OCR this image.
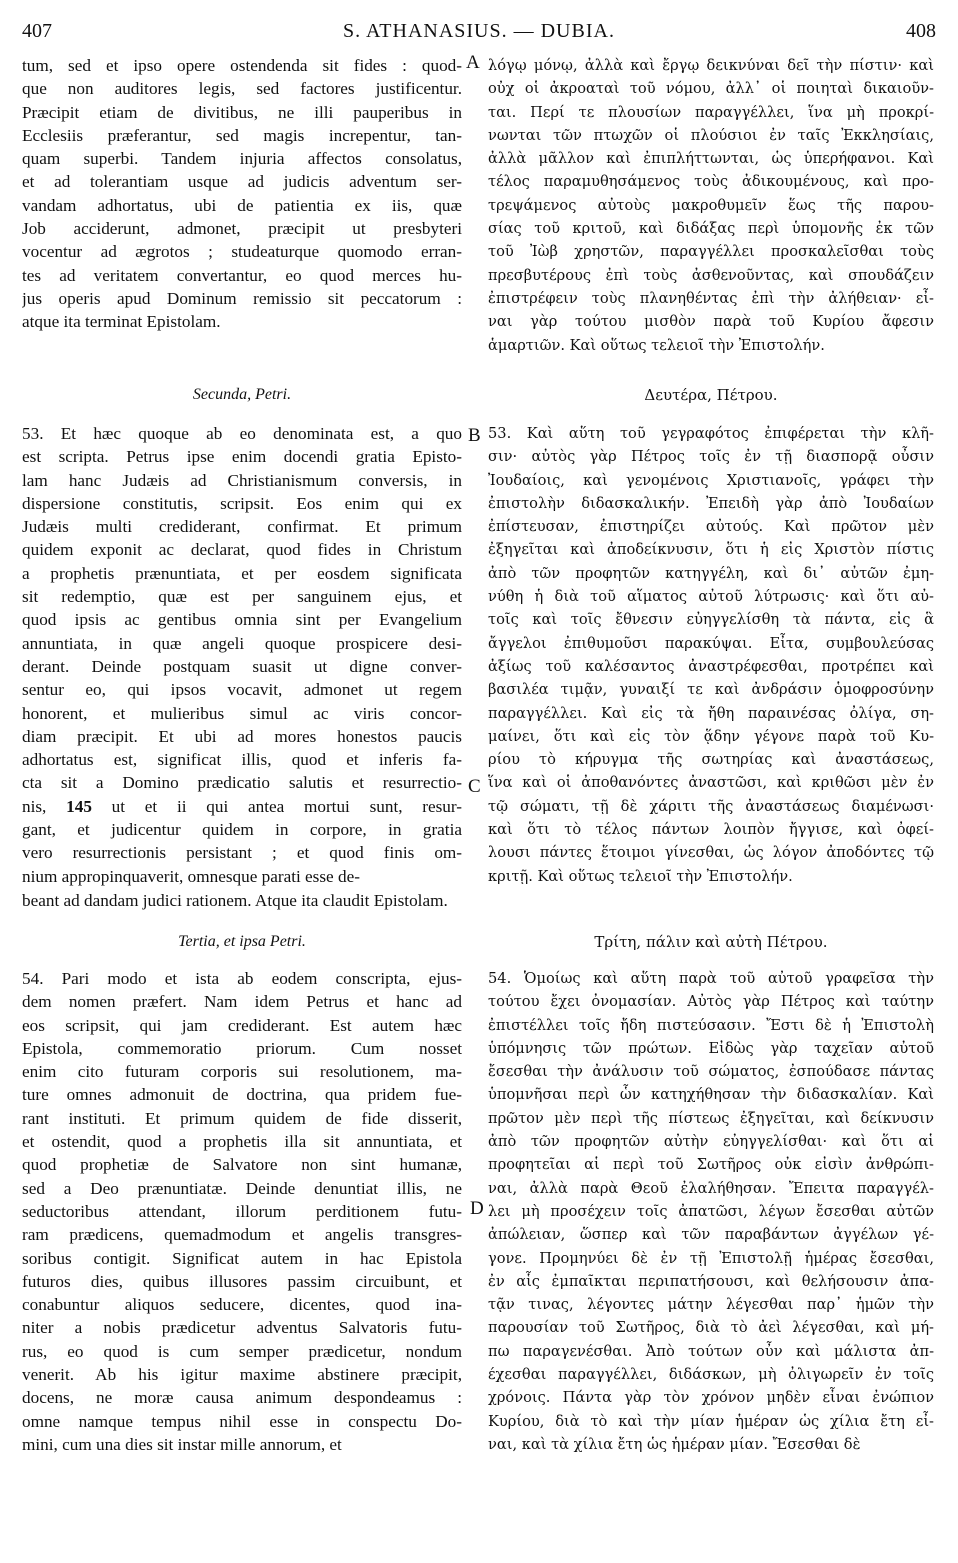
407	S. ATHANASIUS. — DUBIA.	408
A
B
C
D
tum, sed et ipso opere ostendenda sit fides : quod-
que non auditores legis, sed factores justificentur.
Præcipit etiam de divitibus, ne illi pauperibus in
Ecclesiis præferantur, sed magis increpentur, tan-
quam superbi. Tandem injuria affectos consolatus,
et ad tolerantiam usque ad judicis adventum ser-
vandam adhortatus, ubi de patientia ex iis, quæ
Job acciderunt, admonet, præcipit ut presbyteri
vocentur ad ægrotos ; studeaturque quomodo erran-
tes ad veritatem convertantur, eo quod merces hu-
jus operis apud Dominum remissio sit peccatorum :
atque ita terminat Epistolam.
λόγῳ μόνῳ, ἀλλὰ καὶ ἔργῳ δεικνύναι δεῖ τὴν πίστιν· καὶ
οὐχ οἱ ἀκροαταὶ τοῦ νόμου, ἀλλ᾽ οἱ ποιηταὶ δικαιοῦν-
ται. Περί τε πλουσίων παραγγέλλει, ἵνα μὴ προκρί-
νωνται τῶν πτωχῶν οἱ πλούσιοι ἐν ταῖς Ἐκκλησίαις,
ἀλλὰ μᾶλλον καὶ ἐπιπλήττωνται, ὡς ὑπερήφανοι. Καὶ
τέλος παραμυθησάμενος τοὺς ἀδικουμένους, καὶ προ-
τρεψάμενος αὐτοὺς μακροθυμεῖν ἕως τῆς παρου-
σίας τοῦ κριτοῦ, καὶ διδάξας περὶ ὑπομονῆς ἐκ τῶν
τοῦ Ἰὼβ χρηστῶν, παραγγέλλει προσκαλεῖσθαι τοὺς
πρεσβυτέρους ἐπὶ τοὺς ἀσθενοῦντας, καὶ σπουδάζειν
ἐπιστρέφειν τοὺς πλανηθέντας ἐπὶ τὴν ἀλήθειαν· εἶ-
ναι γὰρ τούτου μισθὸν παρὰ τοῦ Κυρίου ἄφεσιν
ἁμαρτιῶν. Καὶ οὕτως τελειοῖ τὴν Ἐπιστολήν.
Secunda, Petri.	Δευτέρα, Πέτρου.
53. Et hæc quoque ab eo denominata est, a quo
est scripta. Petrus ipse enim docendi gratia Episto-
lam hanc Judæis ad Christianismum conversis, in
dispersione constitutis, scripsit. Eos enim qui ex
Judæis multi crediderant, confirmat. Et primum
quidem exponit ac declarat, quod fides in Christum
a prophetis prænuntiata, et per eosdem significata
sit redemptio, quæ est per sanguinem ejus, et
quod ipsis ac gentibus omnia sint per Evangelium
annuntiata, in quæ angeli quoque prospicere desi-
derant. Deinde postquam suasit ut digne conver-
sentur eo, qui ipsos vocavit, admonet ut regem
honorent, et mulieribus simul ac viris concor-
diam præcipit. Et ubi ad mores honestos paucis
adhortatus est, significat illis, quod et inferis fa-
cta sit a Domino prædicatio salutis et resurrectio-
nis, 145 ut et ii qui antea mortui sunt, resur-
gant, et judicentur quidem in corpore, in gratia
vero resurrectionis persistant ; et quod finis om-
nium appropinquaverit, omnesque parati esse de-
53. Καὶ αὕτη τοῦ γεγραφότος ἐπιφέρεται τὴν κλῆ-
σιν· αὐτὸς γὰρ Πέτρος τοῖς ἐν τῇ διασπορᾷ οὖσιν
Ἰουδαίοις, καὶ γενομένοις Χριστιανοῖς, γράφει τὴν
ἐπιστολὴν διδασκαλικήν. Ἐπειδὴ γὰρ ἀπὸ Ἰουδαίων
ἐπίστευσαν, ἐπιστηρίζει αὐτούς. Καὶ πρῶτον μὲν
ἐξηγεῖται καὶ ἀποδείκνυσιν, ὅτι ἡ εἰς Χριστὸν πίστις
ἀπὸ τῶν προφητῶν κατηγγέλη, καὶ δι᾽ αὐτῶν ἐμη-
νύθη ἡ διὰ τοῦ αἵματος αὐτοῦ λύτρωσις· καὶ ὅτι αὐ-
τοῖς καὶ τοῖς ἔθνεσιν εὐηγγελίσθη τὰ πάντα, εἰς ἃ
ἄγγελοι ἐπιθυμοῦσι παρακύψαι. Εἶτα, συμβουλεύσας
ἀξίως τοῦ καλέσαντος ἀναστρέφεσθαι, προτρέπει καὶ
βασιλέα τιμᾷν, γυναιξί τε καὶ ἀνδράσιν ὁμοφροσύνην
παραγγέλλει. Καὶ εἰς τὰ ἤθη παραινέσας ὀλίγα, ση-
μαίνει, ὅτι καὶ εἰς τὸν ᾅδην γέγονε παρὰ τοῦ Κυ-
ρίου τὸ κήρυγμα τῆς σωτηρίας καὶ ἀναστάσεως,
ἵνα καὶ οἱ ἀποθανόντες ἀναστῶσι, καὶ κριθῶσι μὲν ἐν
τῷ σώματι, τῇ δὲ χάριτι τῆς ἀναστάσεως διαμένωσι·
καὶ ὅτι τὸ τέλος πάντων λοιπὸν ἤγγισε, καὶ ὀφεί-
λουσι πάντες ἕτοιμοι γίνεσθαι, ὡς λόγον ἀποδόντες τῷ
κριτῇ. Καὶ οὕτως τελειοῖ τὴν Ἐπιστολήν.
beant ad dandam judici rationem. Atque ita claudit Epistolam.
Tertia, et ipsa Petri.	Τρίτη, πάλιν καὶ αὐτὴ Πέτρου.
54. Pari modo et ista ab eodem conscripta, ejus-
dem nomen præfert. Nam idem Petrus et hanc ad
eos scripsit, qui jam crediderant. Est autem hæc
Epistola, commemoratio priorum. Cum nosset
enim cito futuram corporis sui resolutionem, ma-
ture omnes admonuit de doctrina, qua pridem fue-
rant instituti. Et primum quidem de fide disserit,
et ostendit, quod a prophetis illa sit annuntiata, et
quod prophetiæ de Salvatore non sint humanæ,
sed a Deo prænuntiatæ. Deinde denuntiat illis, ne
seductoribus attendant, illorum perditionem futu-
ram prædicens, quemadmodum et angelis transgres-
soribus contigit. Significat autem in hac Epistola
futuros dies, quibus illusores passim circuibunt, et
conabuntur aliquos seducere, dicentes, quod ina-
niter a nobis prædicetur adventus Salvatoris futu-
rus, eo quod is cum semper prædicetur, nondum
venerit. Ab his igitur maxime abstinere præcipit,
docens, ne moræ causa animum despondeamus :
omne namque tempus nihil esse in conspectu Do-
mini, cum una dies sit instar mille annorum, et
54. Ὁμοίως καὶ αὕτη παρὰ τοῦ αὐτοῦ γραφεῖσα τὴν
τούτου ἔχει ὀνομασίαν. Αὐτὸς γὰρ Πέτρος καὶ ταύτην
ἐπιστέλλει τοῖς ἤδη πιστεύσασιν. Ἔστι δὲ ἡ Ἐπιστολὴ
ὑπόμνησις τῶν πρώτων. Εἰδὼς γὰρ ταχεῖαν αὐτοῦ
ἔσεσθαι τὴν ἀνάλυσιν τοῦ σώματος, ἐσπούδασε πάντας
ὑπομνῆσαι περὶ ὧν κατηχήθησαν τὴν διδασκαλίαν. Καὶ
πρῶτον μὲν περὶ τῆς πίστεως ἐξηγεῖται, καὶ δείκνυσιν
ἀπὸ τῶν προφητῶν αὐτὴν εὐηγγελίσθαι· καὶ ὅτι αἱ
προφητεῖαι αἱ περὶ τοῦ Σωτῆρος οὐκ εἰσὶν ἀνθρώπι-
ναι, ἀλλὰ παρὰ Θεοῦ ἐλαλήθησαν. Ἔπειτα παραγγέλ-
λει μὴ προσέχειν τοῖς ἀπατῶσι, λέγων ἔσεσθαι αὐτῶν
ἀπώλειαν, ὥσπερ καὶ τῶν παραβάντων ἀγγέλων γέ-
γονε. Προμηνύει δὲ ἐν τῇ Ἐπιστολῇ ἡμέρας ἔσεσθαι,
ἐν αἷς ἐμπαῖκται περιπατήσουσι, καὶ θελήσουσιν ἀπα-
τᾷν τινας, λέγοντες μάτην λέγεσθαι παρ᾽ ἡμῶν τὴν
παρουσίαν τοῦ Σωτῆρος, διὰ τὸ ἀεὶ λέγεσθαι, καὶ μή-
πω παραγενέσθαι. Ἀπὸ τούτων οὖν καὶ μάλιστα ἀπ-
έχεσθαι παραγγέλλει, διδάσκων, μὴ ὀλιγωρεῖν ἐν τοῖς
χρόνοις. Πάντα γὰρ τὸν χρόνον μηδὲν εἶναι ἐνώπιον
Κυρίου, διὰ τὸ καὶ τὴν μίαν ἡμέραν ὡς χίλια ἔτη εἶ-
ναι, καὶ τὰ χίλια ἔτη ὡς ἡμέραν μίαν. Ἔσεσθαι δὲ
